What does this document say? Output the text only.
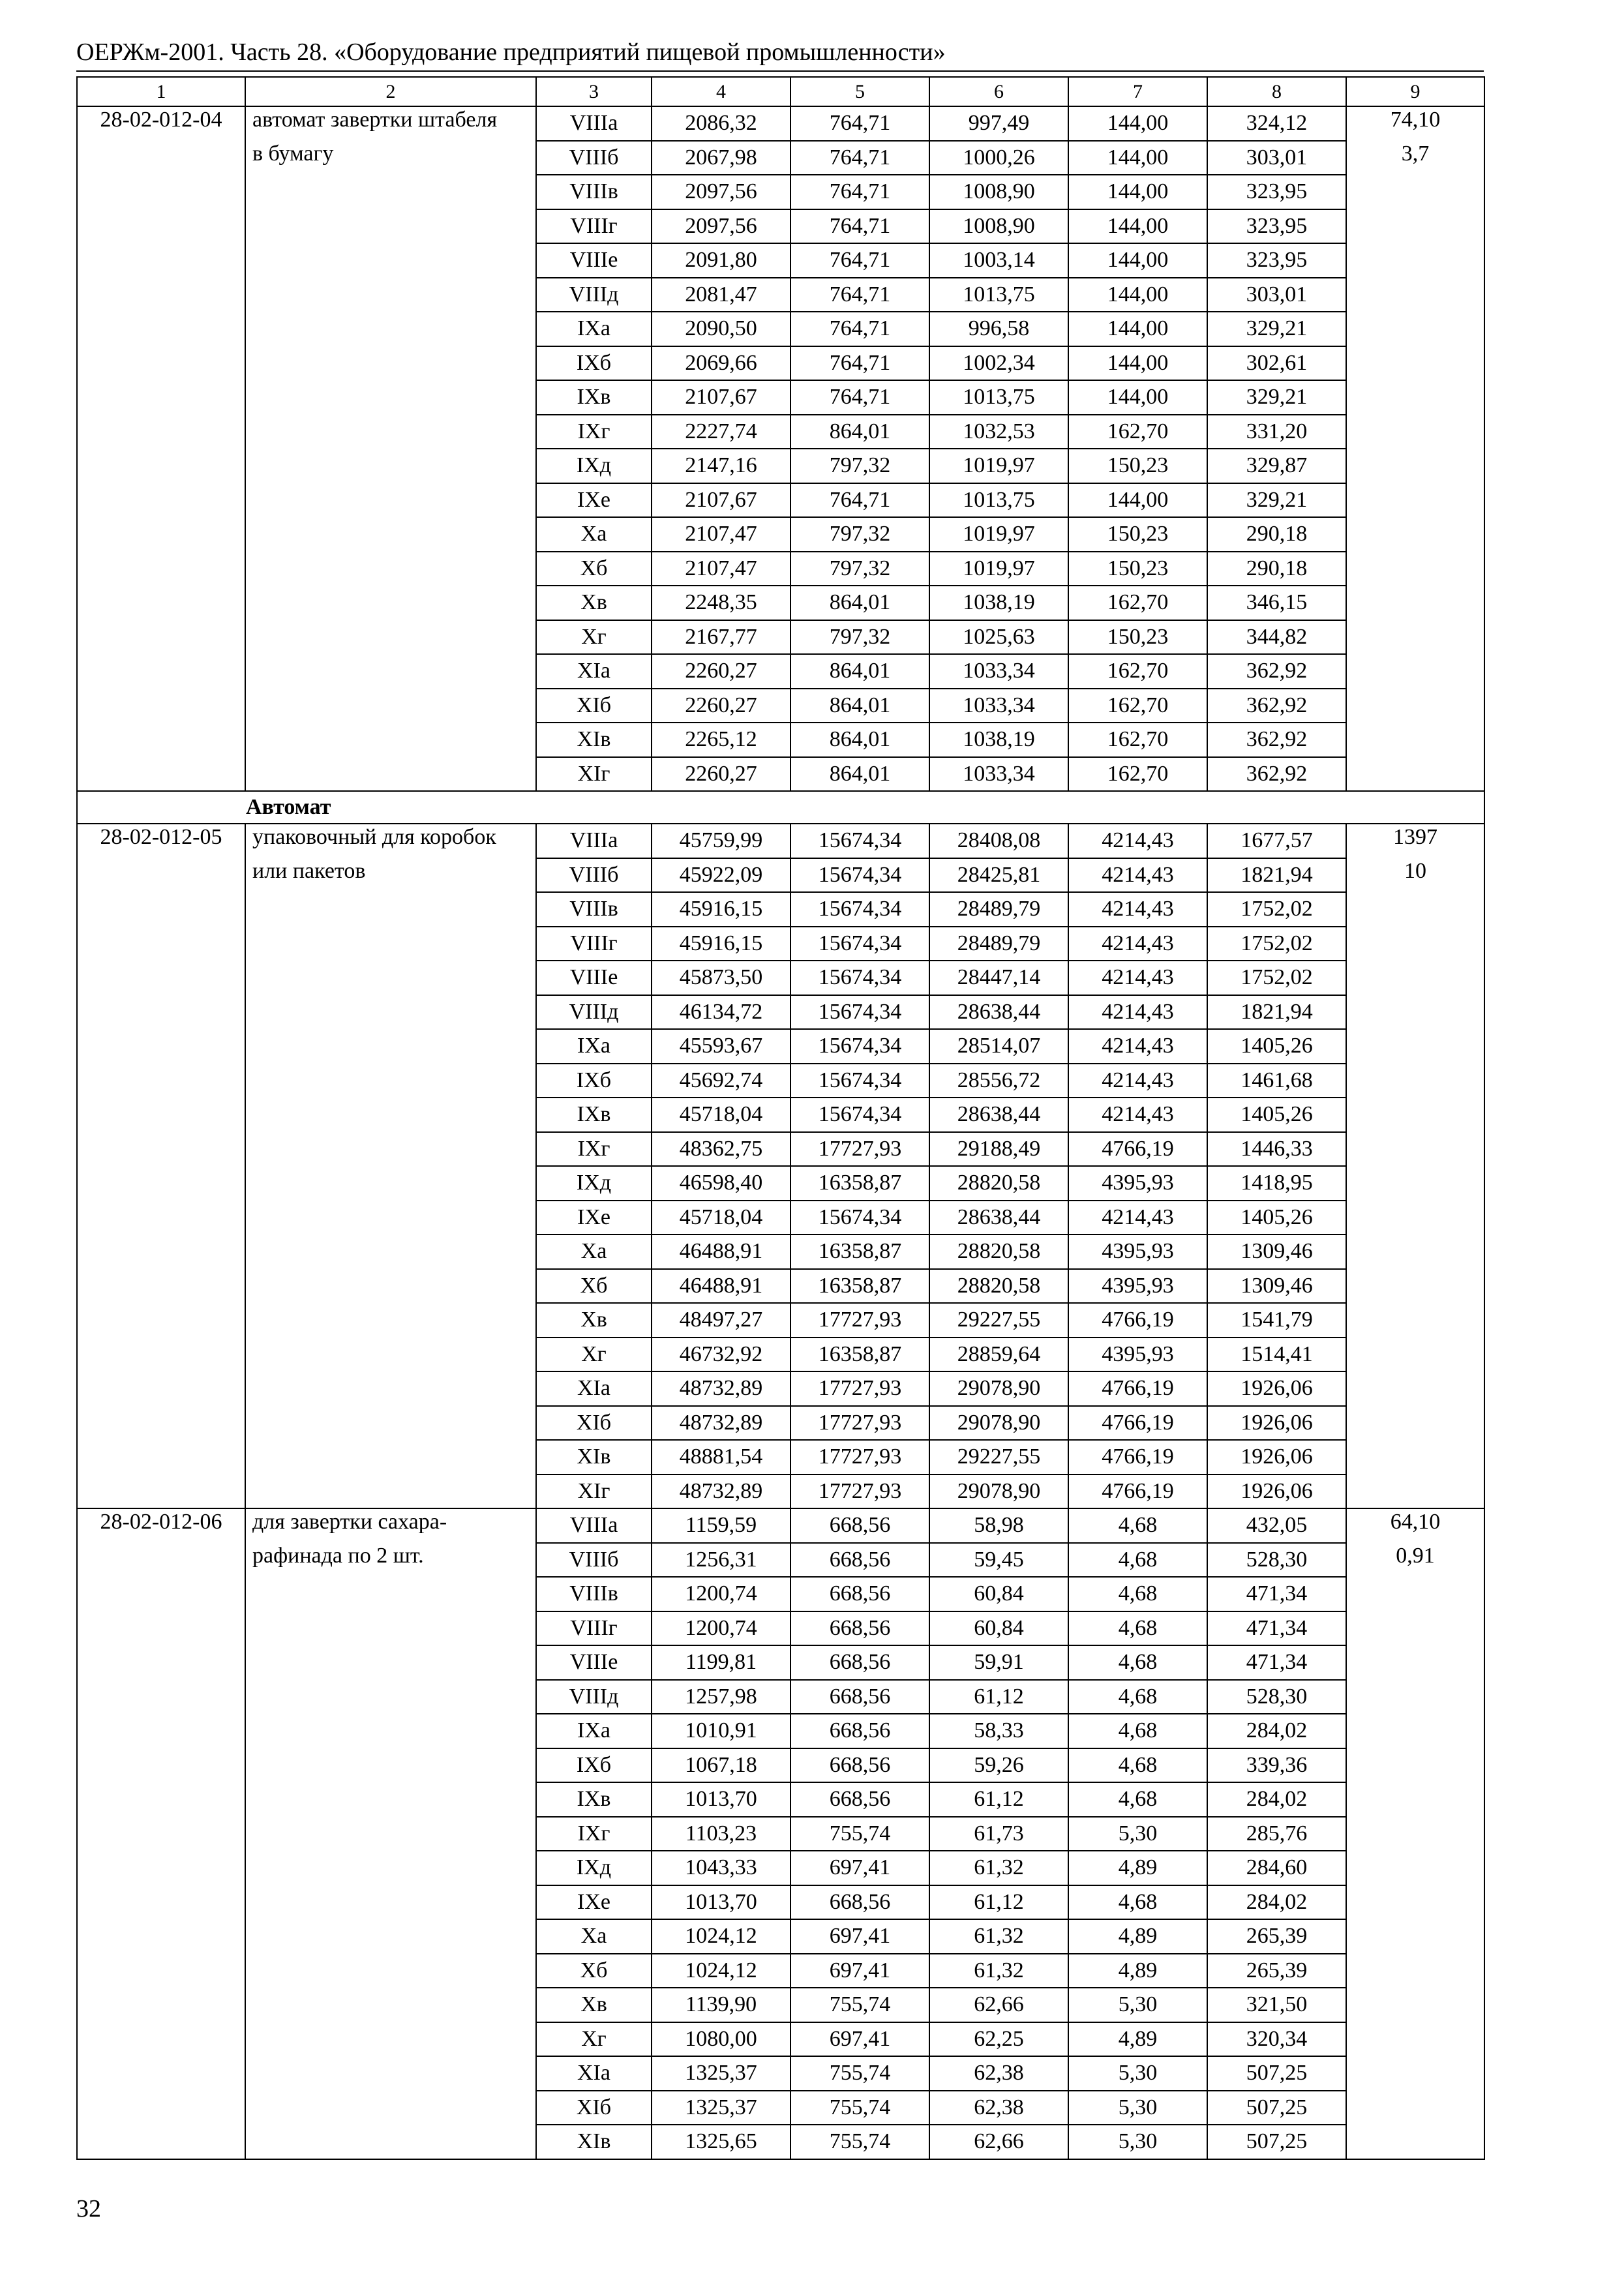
ОЕРЖм-2001. Часть 28. «Оборудование предприятий пищевой промышленности»
1	2	3	4	5	6	7	8	9
28-02-012-04	автомат завертки штабеля	VIIIа	2086,32	764,71	997,49	144,00	324,12	74,10
	в бумагу	VIIIб	2067,98	764,71	1000,26	144,00	303,01	3,7
		VIIIв	2097,56	764,71	1008,90	144,00	323,95	
		VIIIг	2097,56	764,71	1008,90	144,00	323,95	
		VIIIе	2091,80	764,71	1003,14	144,00	323,95	
		VIIIд	2081,47	764,71	1013,75	144,00	303,01	
		IXа	2090,50	764,71	996,58	144,00	329,21	
		IXб	2069,66	764,71	1002,34	144,00	302,61	
		IXв	2107,67	764,71	1013,75	144,00	329,21	
		IXг	2227,74	864,01	1032,53	162,70	331,20	
		IXд	2147,16	797,32	1019,97	150,23	329,87	
		IXе	2107,67	764,71	1013,75	144,00	329,21	
		Xа	2107,47	797,32	1019,97	150,23	290,18	
		Xб	2107,47	797,32	1019,97	150,23	290,18	
		Xв	2248,35	864,01	1038,19	162,70	346,15	
		Xг	2167,77	797,32	1025,63	150,23	344,82	
		XIа	2260,27	864,01	1033,34	162,70	362,92	
		XIб	2260,27	864,01	1033,34	162,70	362,92	
		XIв	2265,12	864,01	1038,19	162,70	362,92	
		XIг	2260,27	864,01	1033,34	162,70	362,92	
Автомат								
28-02-012-05	упаковочный для коробок	VIIIа	45759,99	15674,34	28408,08	4214,43	1677,57	1397
	или пакетов	VIIIб	45922,09	15674,34	28425,81	4214,43	1821,94	10
		VIIIв	45916,15	15674,34	28489,79	4214,43	1752,02	
		VIIIг	45916,15	15674,34	28489,79	4214,43	1752,02	
		VIIIе	45873,50	15674,34	28447,14	4214,43	1752,02	
		VIIIд	46134,72	15674,34	28638,44	4214,43	1821,94	
		IXа	45593,67	15674,34	28514,07	4214,43	1405,26	
		IXб	45692,74	15674,34	28556,72	4214,43	1461,68	
		IXв	45718,04	15674,34	28638,44	4214,43	1405,26	
		IXг	48362,75	17727,93	29188,49	4766,19	1446,33	
		IXд	46598,40	16358,87	28820,58	4395,93	1418,95	
		IXе	45718,04	15674,34	28638,44	4214,43	1405,26	
		Xа	46488,91	16358,87	28820,58	4395,93	1309,46	
		Xб	46488,91	16358,87	28820,58	4395,93	1309,46	
		Xв	48497,27	17727,93	29227,55	4766,19	1541,79	
		Xг	46732,92	16358,87	28859,64	4395,93	1514,41	
		XIа	48732,89	17727,93	29078,90	4766,19	1926,06	
		XIб	48732,89	17727,93	29078,90	4766,19	1926,06	
		XIв	48881,54	17727,93	29227,55	4766,19	1926,06	
		XIг	48732,89	17727,93	29078,90	4766,19	1926,06	
28-02-012-06	для завертки сахара-	VIIIа	1159,59	668,56	58,98	4,68	432,05	64,10
	рафинада по 2 шт.	VIIIб	1256,31	668,56	59,45	4,68	528,30	0,91
		VIIIв	1200,74	668,56	60,84	4,68	471,34	
		VIIIг	1200,74	668,56	60,84	4,68	471,34	
		VIIIе	1199,81	668,56	59,91	4,68	471,34	
		VIIIд	1257,98	668,56	61,12	4,68	528,30	
		IXа	1010,91	668,56	58,33	4,68	284,02	
		IXб	1067,18	668,56	59,26	4,68	339,36	
		IXв	1013,70	668,56	61,12	4,68	284,02	
		IXг	1103,23	755,74	61,73	5,30	285,76	
		IXд	1043,33	697,41	61,32	4,89	284,60	
		IXе	1013,70	668,56	61,12	4,68	284,02	
		Xа	1024,12	697,41	61,32	4,89	265,39	
		Xб	1024,12	697,41	61,32	4,89	265,39	
		Xв	1139,90	755,74	62,66	5,30	321,50	
		Xг	1080,00	697,41	62,25	4,89	320,34	
		XIа	1325,37	755,74	62,38	5,30	507,25	
		XIб	1325,37	755,74	62,38	5,30	507,25	
		XIв	1325,65	755,74	62,66	5,30	507,25	
32
